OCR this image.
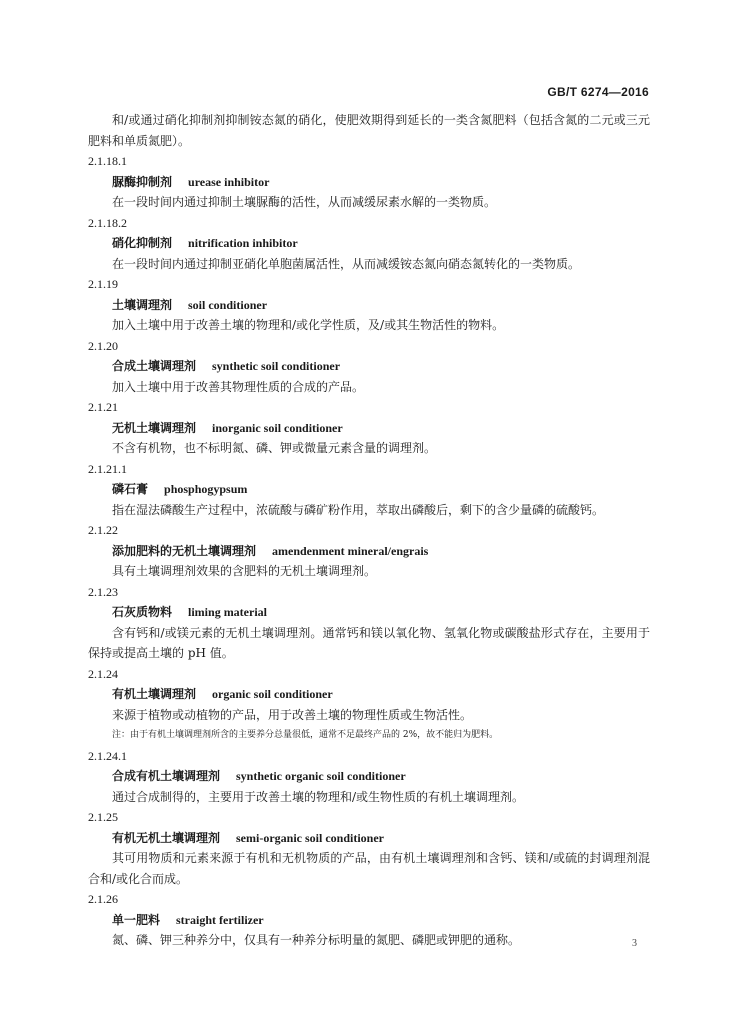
GB/T 6274—2016

和/或通过硝化抑制剂抑制铵态氮的硝化，使肥效期得到延长的一类含氮肥料（包括含氮的二元或三元肥料和单质氮肥）。

2.1.18.1

脲酶抑制剂 urease inhibitor

在一段时间内通过抑制土壤脲酶的活性，从而减缓尿素水解的一类物质。

2.1.18.2

硝化抑制剂 nitrification inhibitor

在一段时间内通过抑制亚硝化单胞菌属活性，从而减缓铵态氮向硝态氮转化的一类物质。

2.1.19

土壤调理剂 soil conditioner

加入土壤中用于改善土壤的物理和/或化学性质，及/或其生物活性的物料。

2.1.20

合成土壤调理剂 synthetic soil conditioner

加入土壤中用于改善其物理性质的合成的产品。

2.1.21

无机土壤调理剂 inorganic soil conditioner

不含有机物，也不标明氮、磷、钾或微量元素含量的调理剂。

2.1.21.1

磷石膏 phosphogypsum

指在湿法磷酸生产过程中，浓硫酸与磷矿粉作用，萃取出磷酸后，剩下的含少量磷的硫酸钙。

2.1.22

添加肥料的无机土壤调理剂 amendenment mineral/engrais

具有土壤调理剂效果的含肥料的无机土壤调理剂。

2.1.23

石灰质物料 liming material

含有钙和/或镁元素的无机土壤调理剂。通常钙和镁以氧化物、氢氧化物或碳酸盐形式存在，主要用于保持或提高土壤的 pH 值。

2.1.24

有机土壤调理剂 organic soil conditioner

来源于植物或动植物的产品，用于改善土壤的物理性质或生物活性。

注：由于有机土壤调理剂所含的主要养分总量很低，通常不足最终产品的 2%，故不能归为肥料。

2.1.24.1

合成有机土壤调理剂 synthetic organic soil conditioner

通过合成制得的，主要用于改善土壤的物理和/或生物性质的有机土壤调理剂。

2.1.25

有机无机土壤调理剂 semi-organic soil conditioner

其可用物质和元素来源于有机和无机物质的产品，由有机土壤调理剂和含钙、镁和/或硫的封调理剂混合和/或化合而成。

2.1.26

单一肥料 straight fertilizer

氮、磷、钾三种养分中，仅具有一种养分标明量的氮肥、磷肥或钾肥的通称。	3
